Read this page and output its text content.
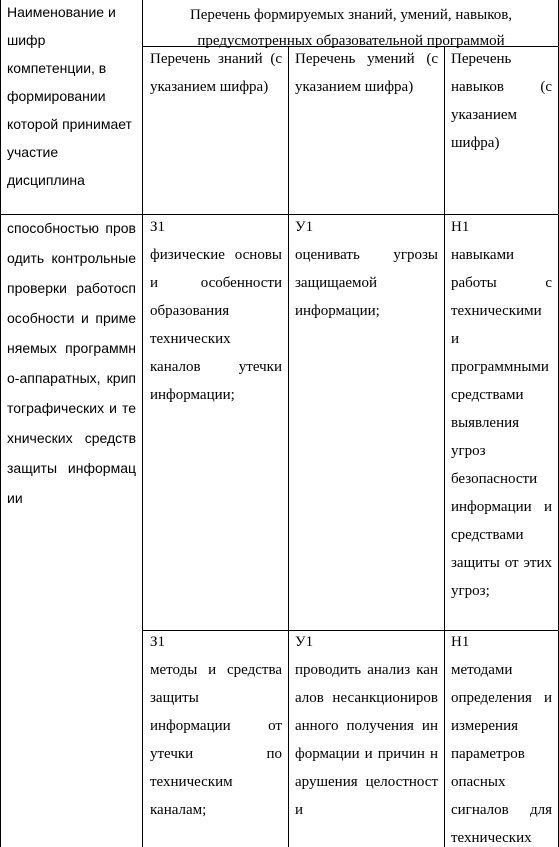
Наименование и шифр компетенции, в формировании которой принимает участие дисциплина
Перечень формируемых знаний, умений, навыков, предусмотренных образовательной программой
Перечень знаний (с указанием шифра)
Перечень умений (с указанием шифра)
Перечень навыков (с указанием шифра)
способностью проводить контрольные проверки работоспособности и применяемых программно-аппаратных, криптографических и технических средств защиты информации
З1
физические основы и особенности образования технических каналов утечки информации;
У1
оценивать угрозы защищаемой информации;
Н1
навыками работы с техническими и программными средствами выявления угроз безопасности информации и средствами защиты от этих угроз;
З1
методы и средства защиты информации от утечки по техническим каналам;
У1
проводить анализ каналов несанкционированного получения информации и причин нарушения целостности
Н1
методами определения и измерения параметров опасных сигналов для технических
